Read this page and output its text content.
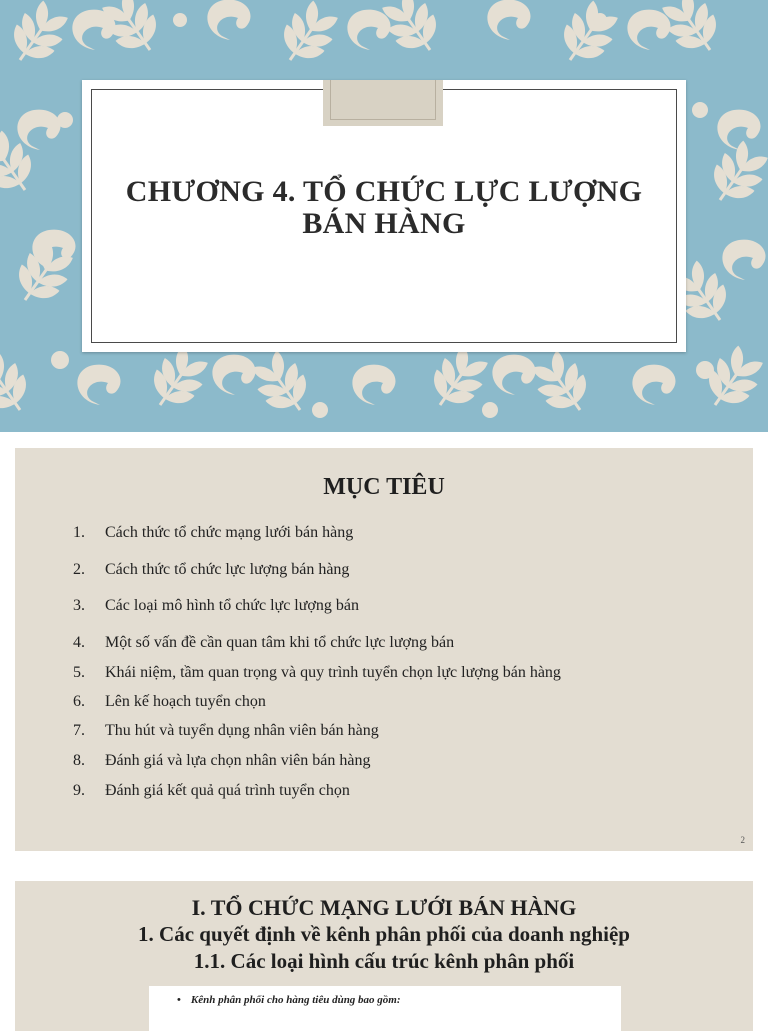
CHƯƠNG 4. TỔ CHỨC LỰC LƯỢNG
BÁN HÀNG
MỤC TIÊU
1. Cách thức tổ chức mạng lưới bán hàng
2. Cách thức tổ chức lực lượng bán hàng
3. Các loại mô hình tổ chức lực lượng bán
4. Một số vấn đề cần quan tâm khi tổ chức lực lượng bán
5. Khái niệm, tầm quan trọng và quy trình tuyển chọn lực lượng bán hàng
6. Lên kế hoạch tuyển chọn
7. Thu hút và tuyển dụng nhân viên bán hàng
8. Đánh giá và lựa chọn nhân viên bán hàng
9. Đánh giá kết quả quá trình tuyển chọn
2
I. TỔ CHỨC MẠNG LƯỚI BÁN HÀNG
1. Các quyết định về kênh phân phối của doanh nghiệp
1.1. Các loại hình cấu trúc kênh phân phối
• Kênh phân phối cho hàng tiêu dùng bao gồm:
